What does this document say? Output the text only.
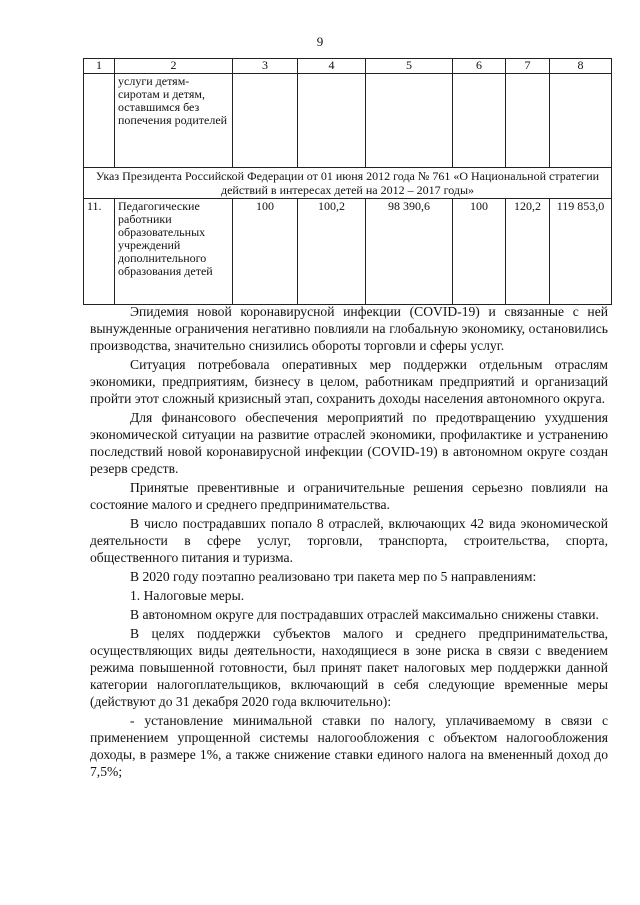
9
1	2	3	4	5	6	7	8
	услуги детям-сиротам и детям, оставшимся без попечения родителей						
Указ Президента Российской Федерации от 01 июня 2012 года № 761 «О Национальной стратегии действий в интересах детей на 2012 – 2017 годы»							
11.	Педагогические работники образовательных учреждений дополнительного образования детей	100	100,2	98 390,6	100	120,2	119 853,0

Эпидемия новой коронавирусной инфекции (COVID-19) и связанные с ней вынужденные ограничения негативно повлияли на глобальную экономику, остановились производства, значительно снизились обороты торговли и сферы услуг.

Ситуация потребовала оперативных мер поддержки отдельным отраслям экономики, предприятиям, бизнесу в целом, работникам предприятий и организаций пройти этот сложный кризисный этап, сохранить доходы населения автономного округа.

Для финансового обеспечения мероприятий по предотвращению ухудшения экономической ситуации на развитие отраслей экономики, профилактике и устранению последствий новой коронавирусной инфекции (COVID-19) в автономном округе создан резерв средств.

Принятые превентивные и ограничительные решения серьезно повлияли на состояние малого и среднего предпринимательства.

В число пострадавших попало 8 отраслей, включающих 42 вида экономической деятельности в сфере услуг, торговли, транспорта, строительства, спорта, общественного питания и туризма.

В 2020 году поэтапно реализовано три пакета мер по 5 направлениям:

1. Налоговые меры.

В автономном округе для пострадавших отраслей максимально снижены ставки.

В целях поддержки субъектов малого и среднего предпринимательства, осуществляющих виды деятельности, находящиеся в зоне риска в связи с введением режима повышенной готовности, был принят пакет налоговых мер поддержки данной категории налогоплательщиков, включающий в себя следующие временные меры (действуют до 31 декабря 2020 года включительно):

- установление минимальной ставки по налогу, уплачиваемому в связи с применением упрощенной системы налогообложения с объектом налогообложения доходы, в размере 1%, а также снижение ставки единого налога на вмененный доход до 7,5%;
